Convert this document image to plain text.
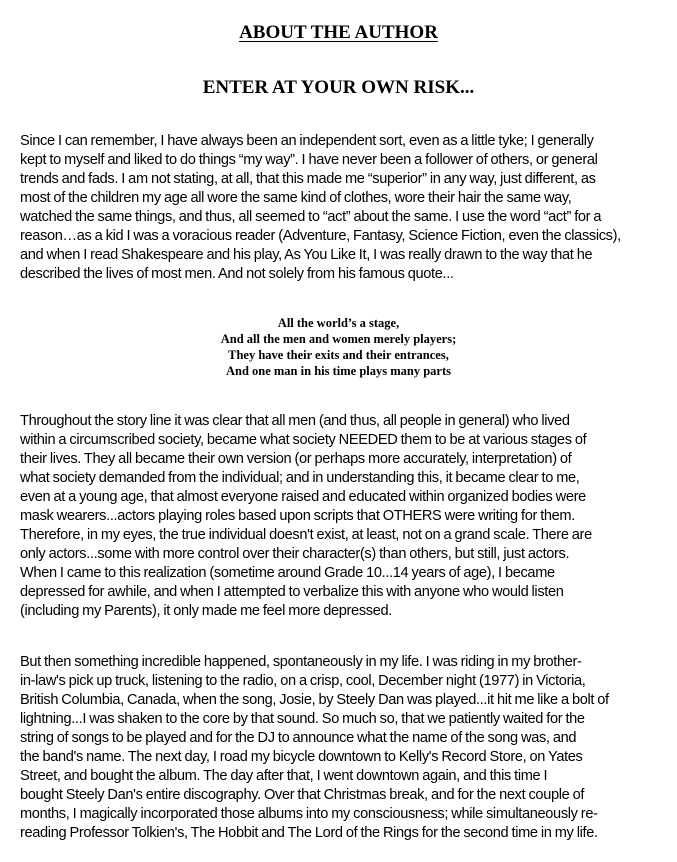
ABOUT THE AUTHOR
ENTER AT YOUR OWN RISK...
Since I can remember, I have always been an independent sort, even as a little tyke; I generally
kept to myself and liked to do things “my way”. I have never been a follower of others, or general
trends and fads. I am not stating, at all, that this made me “superior” in any way, just different, as
most of the children my age all wore the same kind of clothes, wore their hair the same way,
watched the same things, and thus, all seemed to “act” about the same. I use the word “act” for a
reason…as a kid I was a voracious reader (Adventure, Fantasy, Science Fiction, even the classics),
and when I read Shakespeare and his play, As You Like It, I was really drawn to the way that he
described the lives of most men. And not solely from his famous quote...
All the world’s a stage,
And all the men and women merely players;
They have their exits and their entrances,
And one man in his time plays many parts
Throughout the story line it was clear that all men (and thus, all people in general) who lived
within a circumscribed society, became what society NEEDED them to be at various stages of
their lives. They all became their own version (or perhaps more accurately, interpretation) of
what society demanded from the individual; and in understanding this, it became clear to me,
even at a young age, that almost everyone raised and educated within organized bodies were
mask wearers...actors playing roles based upon scripts that OTHERS were writing for them.
Therefore, in my eyes, the true individual doesn't exist, at least, not on a grand scale. There are
only actors...some with more control over their character(s) than others, but still, just actors.
When I came to this realization (sometime around Grade 10...14 years of age), I became
depressed for awhile, and when I attempted to verbalize this with anyone who would listen
(including my Parents), it only made me feel more depressed.
But then something incredible happened, spontaneously in my life. I was riding in my brother-
in-law's pick up truck, listening to the radio, on a crisp, cool, December night (1977) in Victoria,
British Columbia, Canada, when the song, Josie, by Steely Dan was played...it hit me like a bolt of
lightning...I was shaken to the core by that sound. So much so, that we patiently waited for the
string of songs to be played and for the DJ to announce what the name of the song was, and
the band's name. The next day, I road my bicycle downtown to Kelly's Record Store, on Yates
Street, and bought the album. The day after that, I went downtown again, and this time I
bought Steely Dan's entire discography. Over that Christmas break, and for the next couple of
months, I magically incorporated those albums into my consciousness; while simultaneously re-
reading Professor Tolkien's, The Hobbit and The Lord of the Rings for the second time in my life.
